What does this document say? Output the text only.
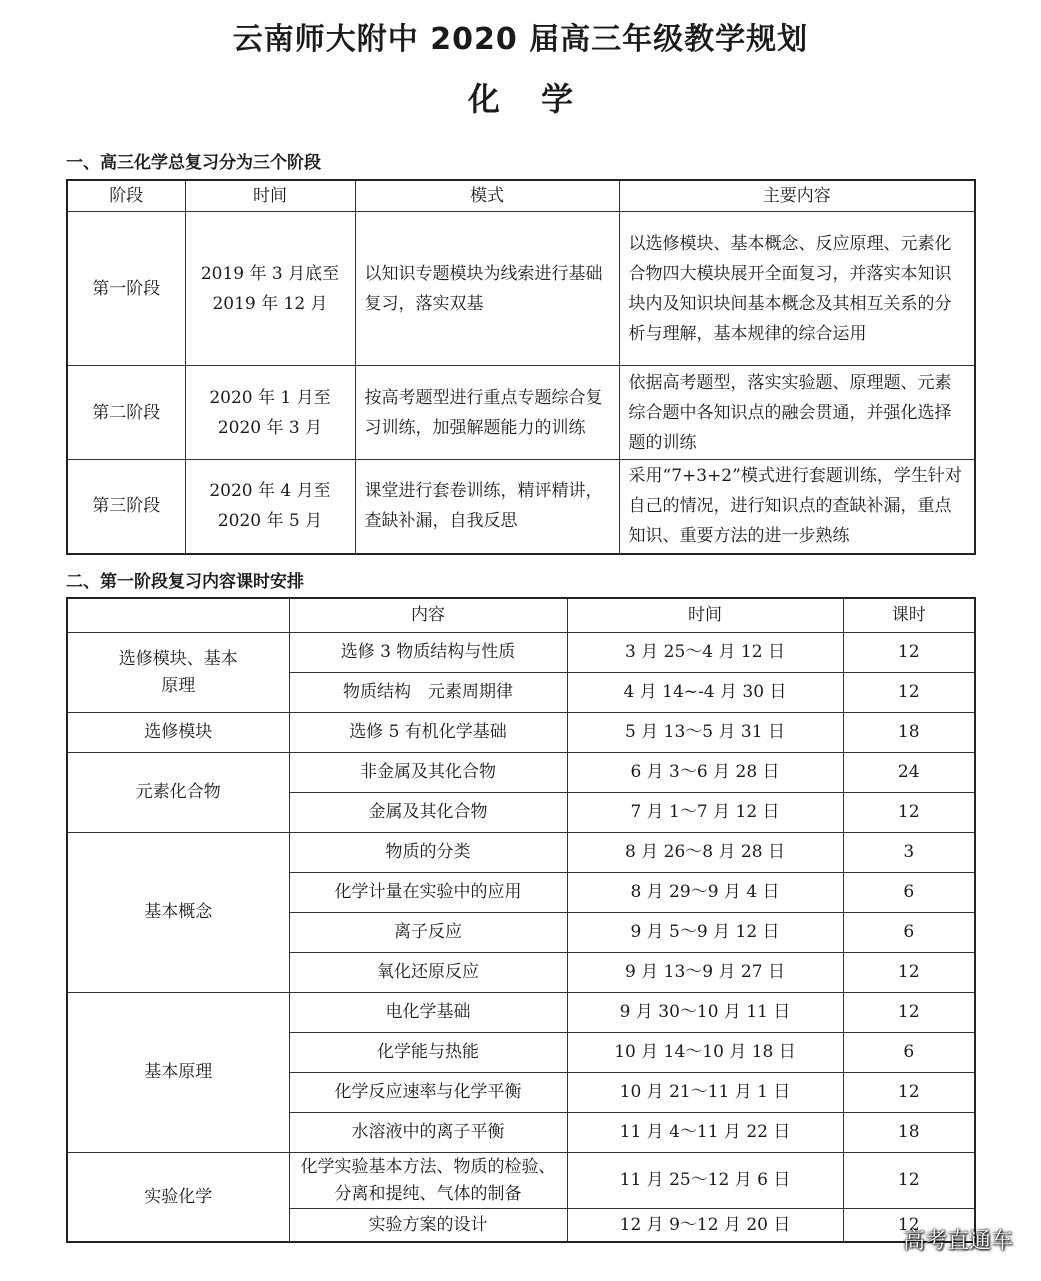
云南师大附中 2020 届高三年级教学规划
化 学
一、高三化学总复习分为三个阶段
阶段	时间	模式	主要内容
第一阶段	2019 年 3 月底至 2019 年 12 月	以知识专题模块为线索进行基础复习，落实双基	以选修模块、基本概念、反应原理、元素化合物四大模块展开全面复习，并落实本知识块内及知识块间基本概念及其相互关系的分析与理解，基本规律的综合运用
第二阶段	2020 年 1 月至 2020 年 3 月	按高考题型进行重点专题综合复习训练，加强解题能力的训练	依据高考题型，落实实验题、原理题、元素综合题中各知识点的融会贯通，并强化选择题的训练
第三阶段	2020 年 4 月至 2020 年 5 月	课堂进行套卷训练，精评精讲，查缺补漏，自我反思	采用“7+3+2”模式进行套题训练，学生针对自己的情况，进行知识点的查缺补漏，重点知识、重要方法的进一步熟练
二、第一阶段复习内容课时安排
	内容	时间	课时
选修模块、基本原理	选修 3 物质结构与性质	3 月 25～4 月 12 日	12
	物质结构　元素周期律	4 月 14~-4 月 30 日	12
选修模块	选修 5 有机化学基础	5 月 13～5 月 31 日	18
元素化合物	非金属及其化合物	6 月 3～6 月 28 日	24
	金属及其化合物	7 月 1～7 月 12 日	12
基本概念	物质的分类	8 月 26～8 月 28 日	3
	化学计量在实验中的应用	8 月 29～9 月 4 日	6
	离子反应	9 月 5～9 月 12 日	6
	氧化还原反应	9 月 13～9 月 27 日	12
基本原理	电化学基础	9 月 30～10 月 11 日	12
	化学能与热能	10 月 14～10 月 18 日	6
	化学反应速率与化学平衡	10 月 21～11 月 1 日	12
	水溶液中的离子平衡	11 月 4～11 月 22 日	18
实验化学	化学实验基本方法、物质的检验、分离和提纯、气体的制备	11 月 25～12 月 6 日	12
	实验方案的设计	12 月 9～12 月 20 日	12
高考直通车
